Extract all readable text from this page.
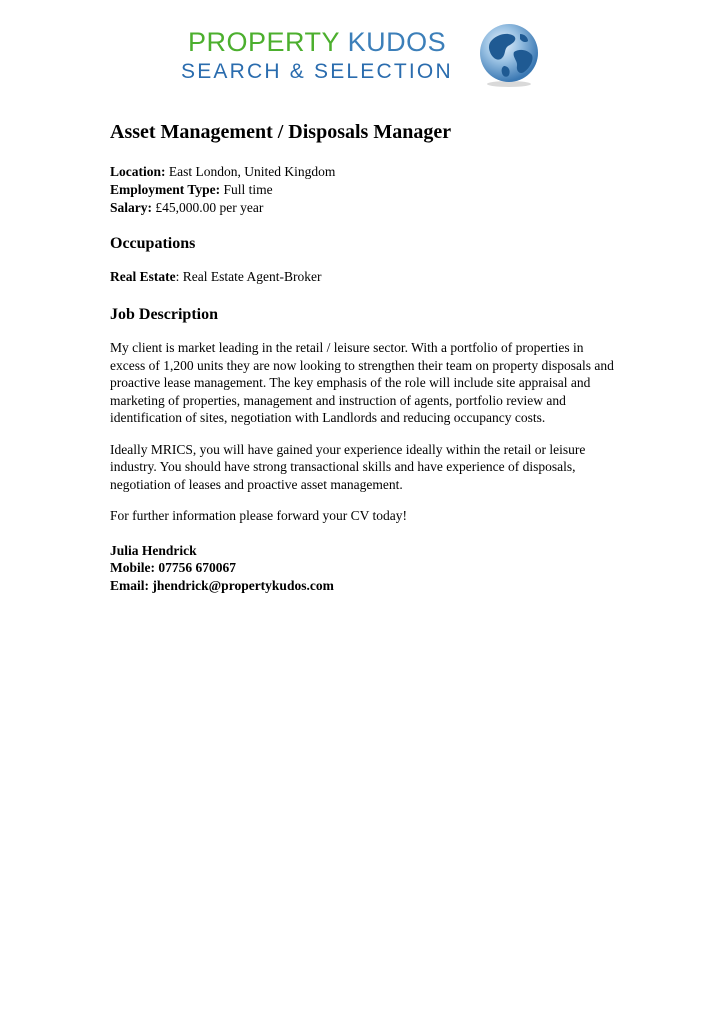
PROPERTY KUDOS
SEARCH & SELECTION
Asset Management / Disposals Manager

Location: East London, United Kingdom

Employment Type: Full time

Salary: £45,000.00 per year

Occupations

Real Estate: Real Estate Agent-Broker

Job Description

My client is market leading in the retail / leisure sector. With a portfolio of properties in excess of 1,200 units they are now looking to strengthen their team on property disposals and proactive lease management. The key emphasis of the role will include site appraisal and marketing of properties, management and instruction of agents, portfolio review and identification of sites, negotiation with Landlords and reducing occupancy costs.

Ideally MRICS, you will have gained your experience ideally within the retail or leisure industry. You should have strong transactional skills and have experience of disposals, negotiation of leases and proactive asset management.

For further information please forward your CV today!

Julia Hendrick
Mobile: 07756 670067
Email: jhendrick@propertykudos.com
